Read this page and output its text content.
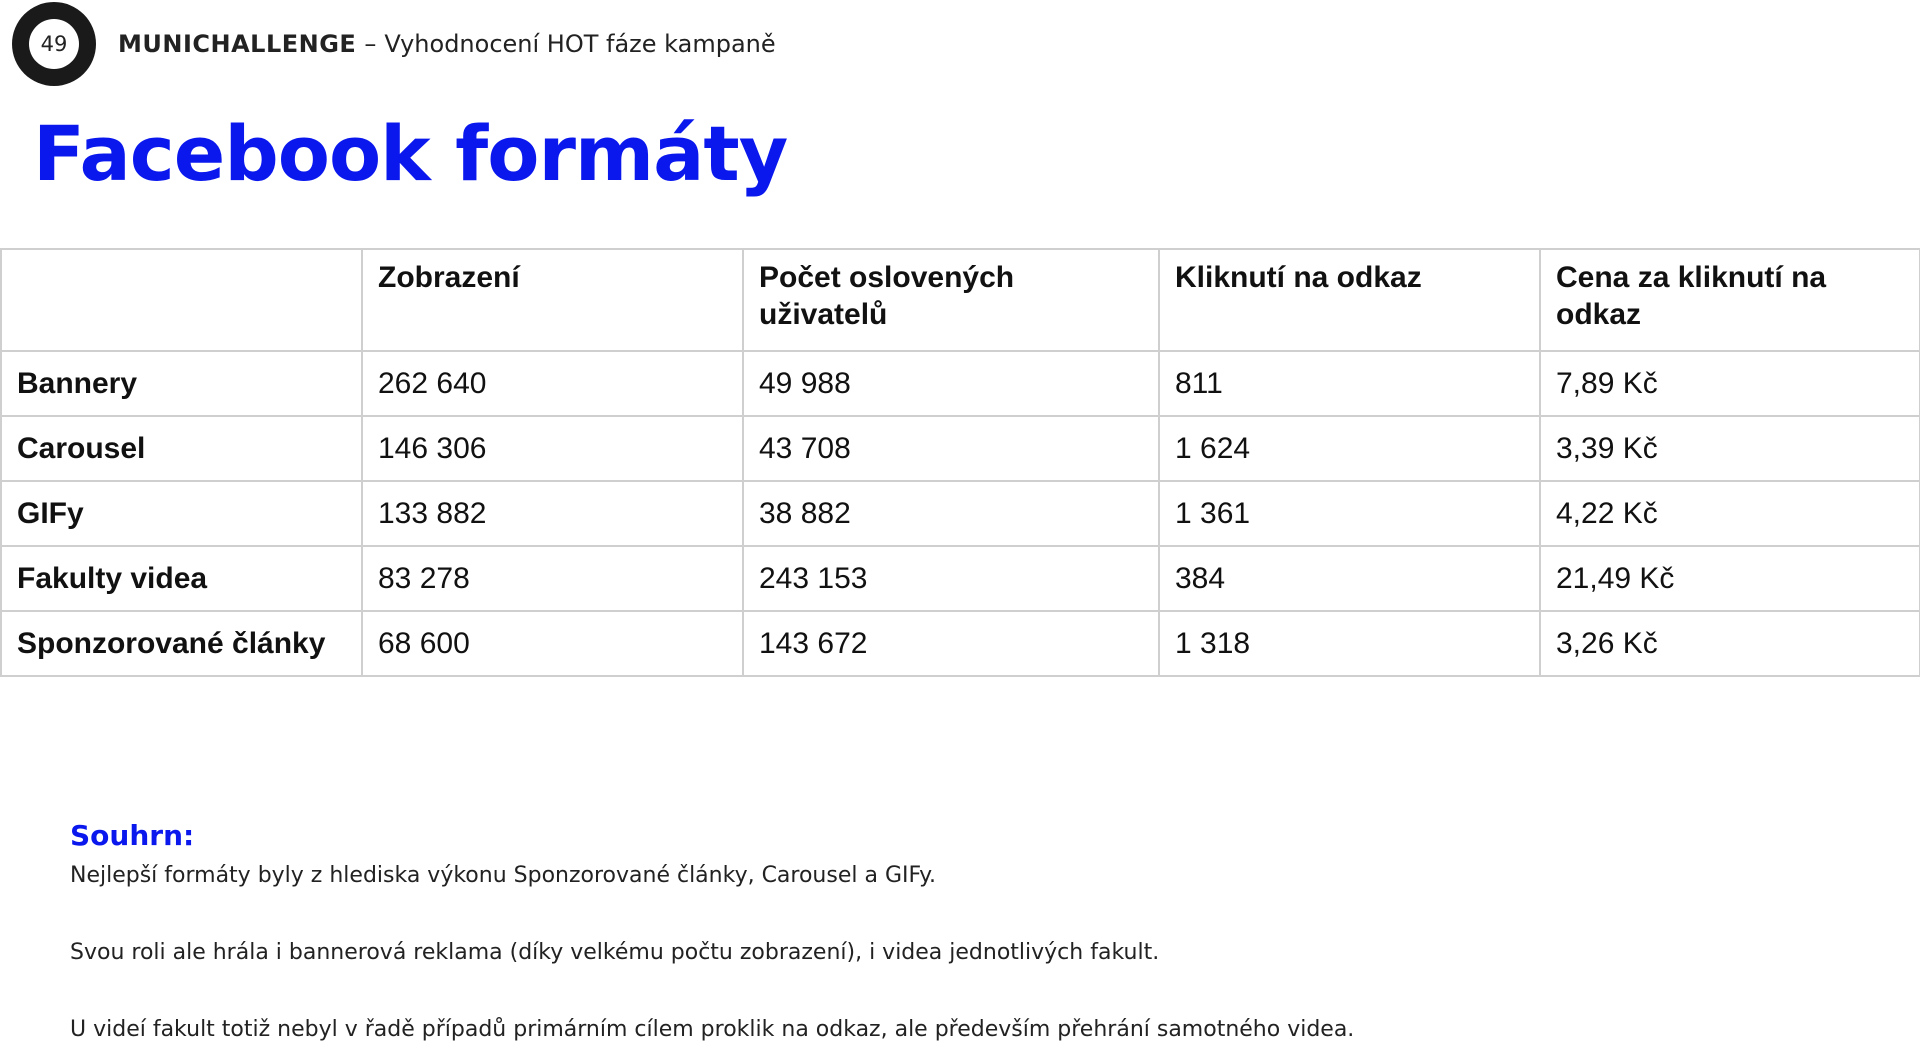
49	MUNICHALLENGE – Vyhodnocení HOT fáze kampaně
Facebook formáty
	Zobrazení	Počet oslovených uživatelů	Kliknutí na odkaz	Cena za kliknutí na odkaz
Bannery	262 640	49 988	811	7,89 Kč
Carousel	146 306	43 708	1 624	3,39 Kč
GIFy	133 882	38 882	1 361	4,22 Kč
Fakulty videa	83 278	243 153	384	21,49 Kč
Sponzorované články	68 600	143 672	1 318	3,26 Kč
Souhrn:

Nejlepší formáty byly z hlediska výkonu Sponzorované články, Carousel a GIFy.

Svou roli ale hrála i bannerová reklama (díky velkému počtu zobrazení), i videa jednotlivých fakult.

U videí fakult totiž nebyl v řadě případů primárním cílem proklik na odkaz, ale především přehrání samotného videa.
